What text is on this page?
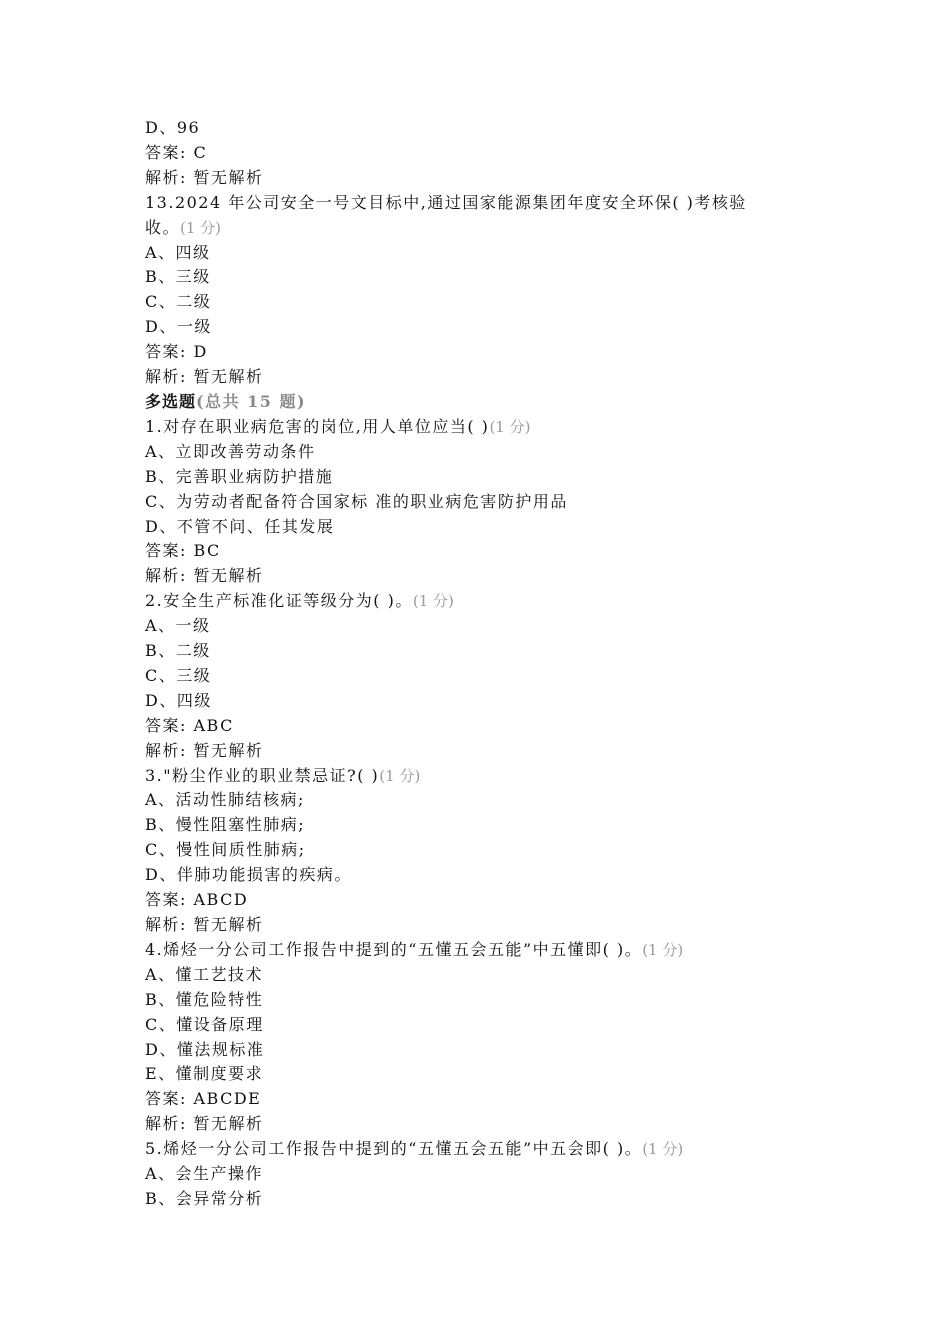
D、96
答案: C
解析: 暂无解析
13.2024 年公司安全一号文目标中,通过国家能源集团年度安全环保( )考核验
收。(1 分)
A、四级
B、三级
C、二级
D、一级
答案: D
解析: 暂无解析
多选题(总共 15 题)
1.对存在职业病危害的岗位,用人单位应当( )(1 分)
A、立即改善劳动条件
B、完善职业病防护措施
C、为劳动者配备符合国家标 准的职业病危害防护用品
D、不管不问、任其发展
答案: BC
解析: 暂无解析
2.安全生产标准化证等级分为( )。(1 分)
A、一级
B、二级
C、三级
D、四级
答案: ABC
解析: 暂无解析
3."粉尘作业的职业禁忌证?( )(1 分)
A、活动性肺结核病;
B、慢性阻塞性肺病;
C、慢性间质性肺病;
D、伴肺功能损害的疾病。
答案: ABCD
解析: 暂无解析
4.烯烃一分公司工作报告中提到的“五懂五会五能”中五懂即( )。(1 分)
A、懂工艺技术
B、懂危险特性
C、懂设备原理
D、懂法规标准
E、懂制度要求
答案: ABCDE
解析: 暂无解析
5.烯烃一分公司工作报告中提到的“五懂五会五能”中五会即( )。(1 分)
A、会生产操作
B、会异常分析
